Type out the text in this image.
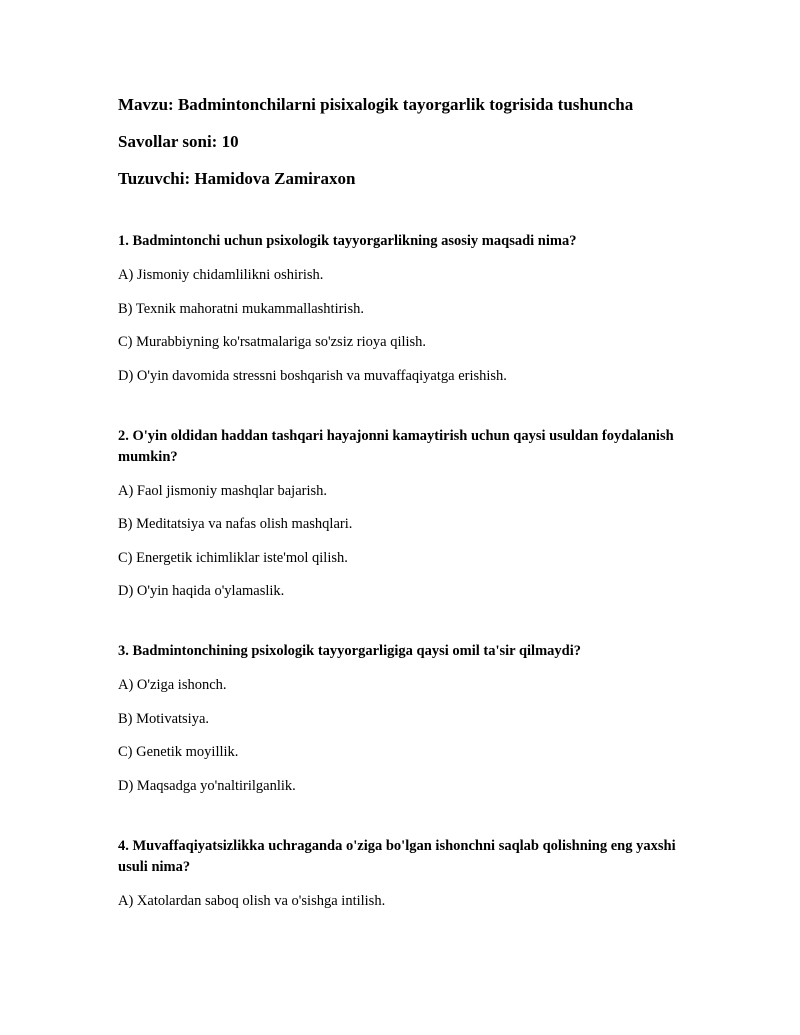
Mavzu: Badmintonchilarni pisixalogik tayorgarlik togrisida tushuncha
Savollar soni: 10
Tuzuvchi: Hamidova Zamiraxon
1. Badmintonchi uchun psixologik tayyorgarlikning asosiy maqsadi nima?
A) Jismoniy chidamlilikni oshirish.
B) Texnik mahoratni mukammallashtirish.
C) Murabbiyning ko'rsatmalariga so'zsiz rioya qilish.
D) O'yin davomida stressni boshqarish va muvaffaqiyatga erishish.
2. O'yin oldidan haddan tashqari hayajonni kamaytirish uchun qaysi usuldan foydalanish mumkin?
A) Faol jismoniy mashqlar bajarish.
B) Meditatsiya va nafas olish mashqlari.
C) Energetik ichimliklar iste'mol qilish.
D) O'yin haqida o'ylamaslik.
3. Badmintonchining psixologik tayyorgarligiga qaysi omil ta'sir qilmaydi?
A) O'ziga ishonch.
B) Motivatsiya.
C) Genetik moyillik.
D) Maqsadga yo'naltirilganlik.
4. Muvaffaqiyatsizlikka uchraganda o'ziga bo'lgan ishonchni saqlab qolishning eng yaxshi usuli nima?
A) Xatolardan saboq olish va o'sishga intilish.
